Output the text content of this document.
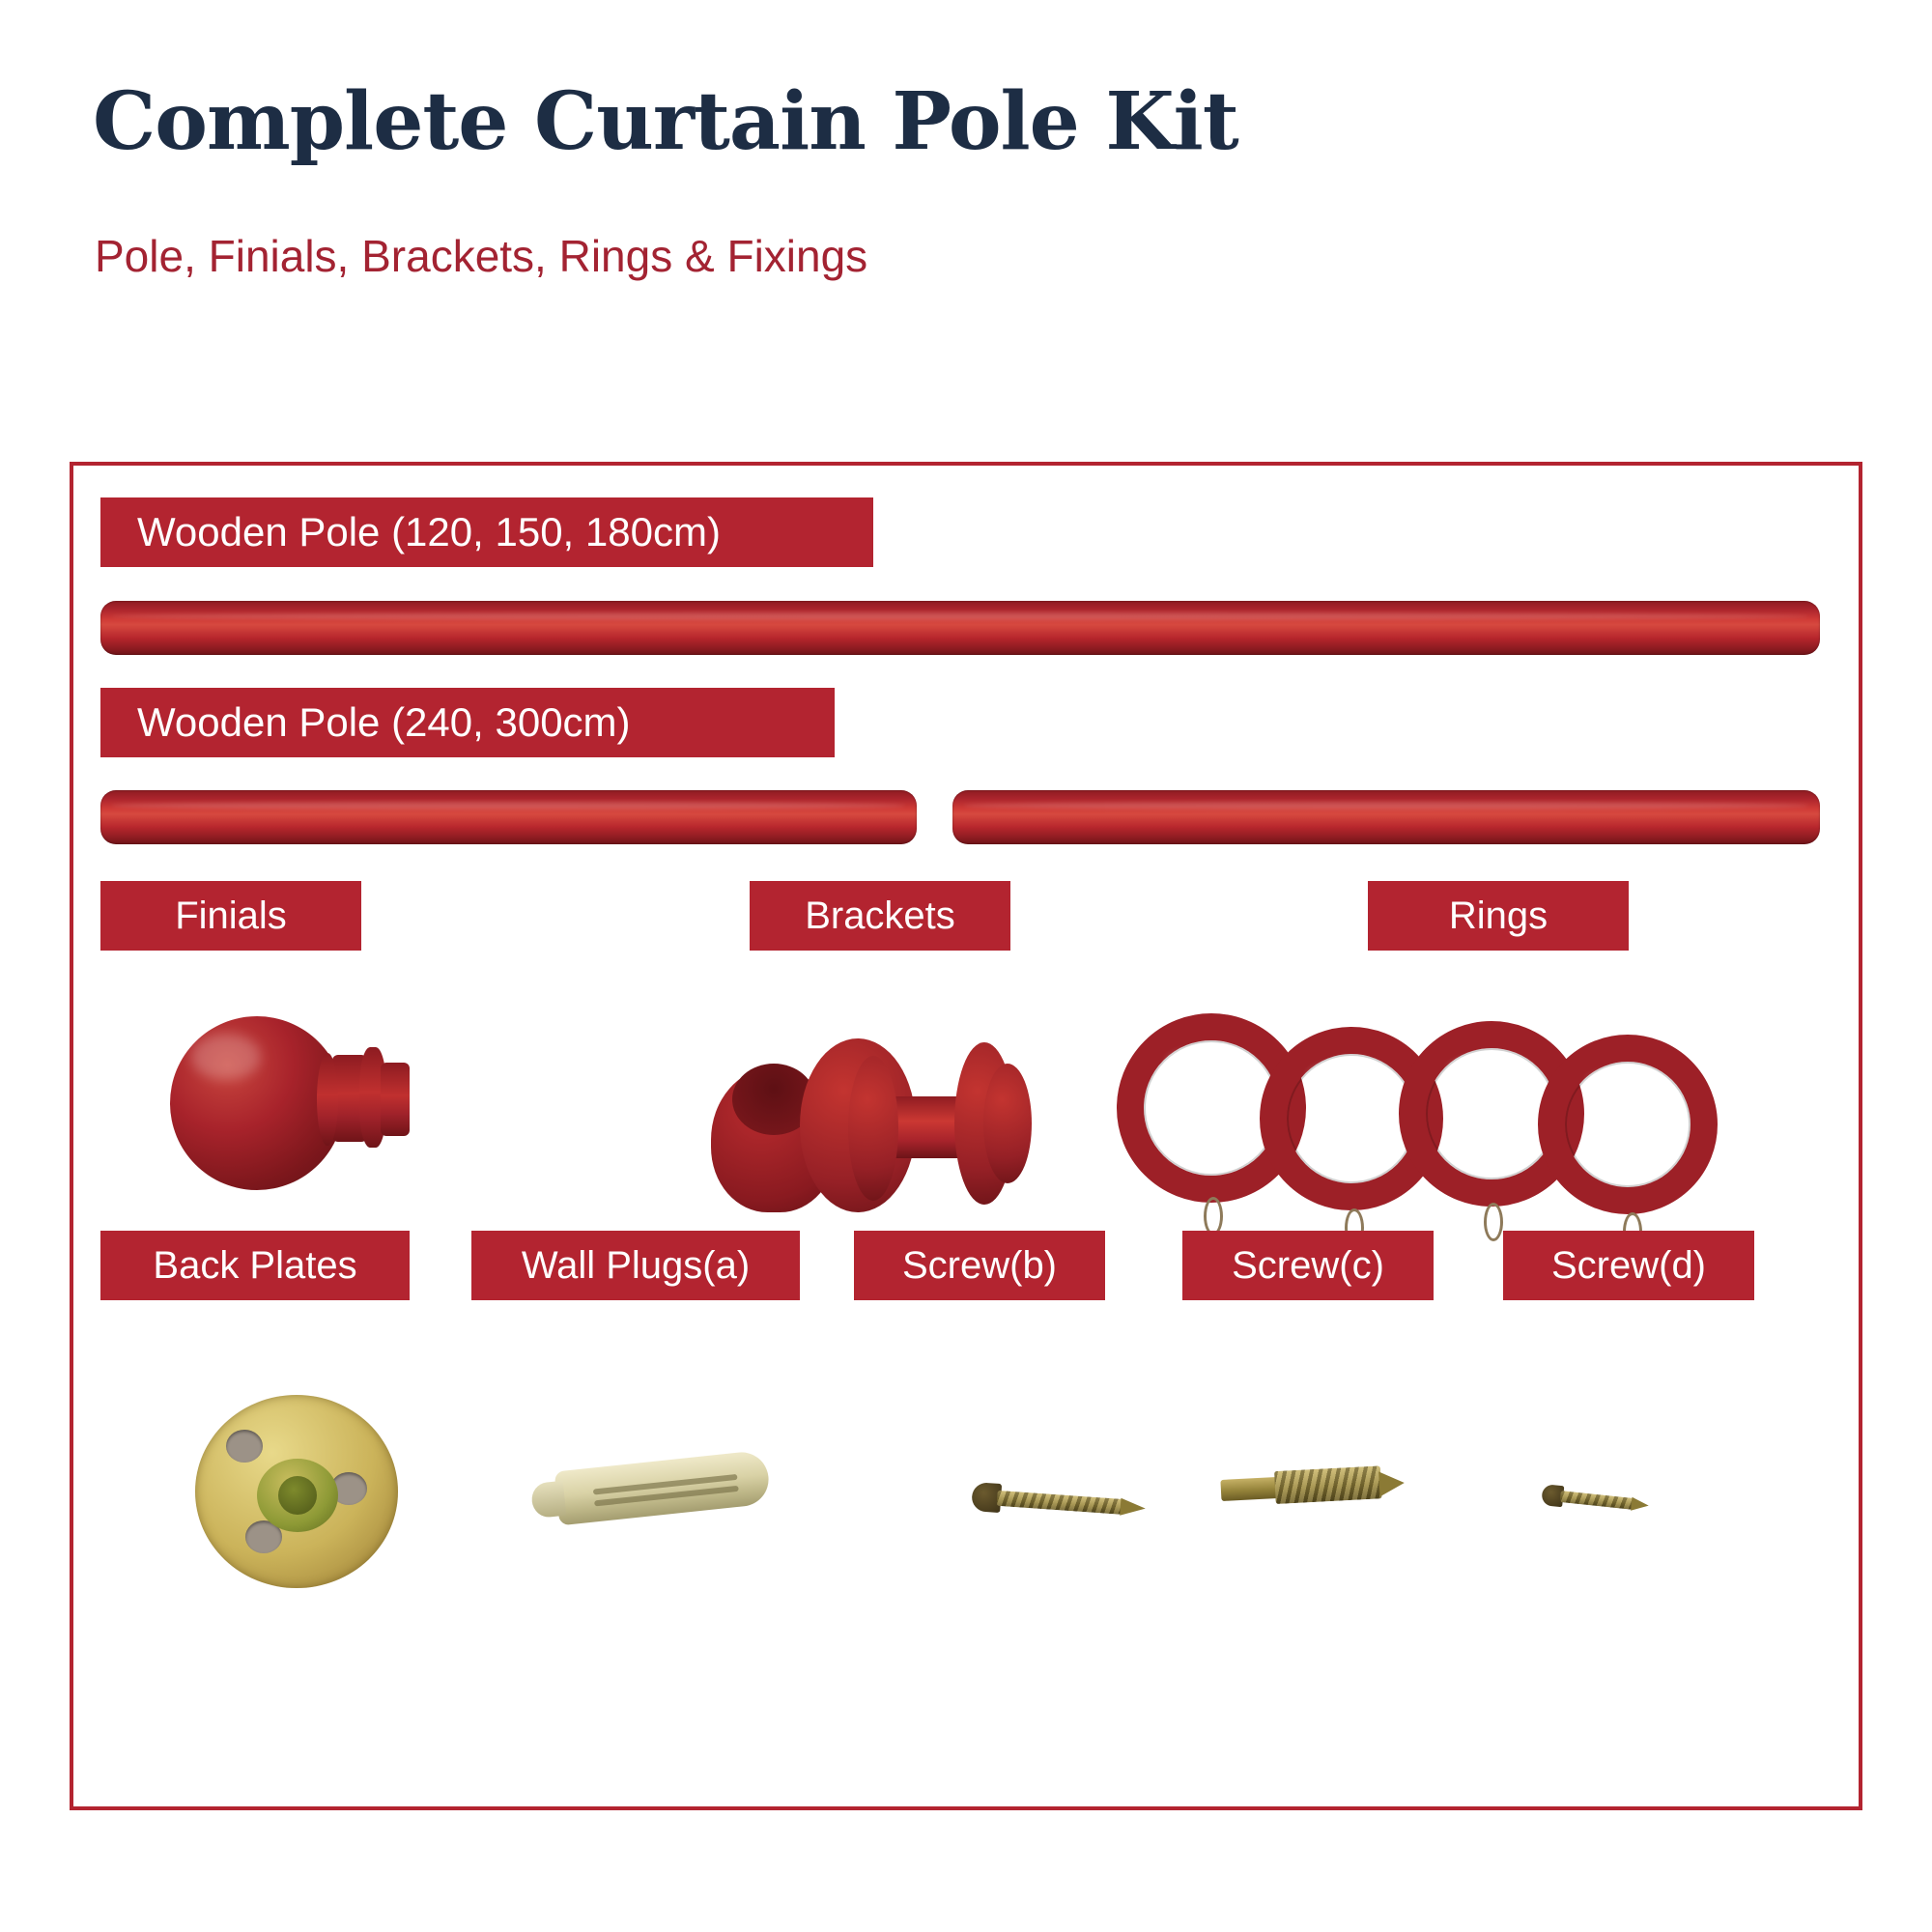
Complete Curtain Pole Kit
Pole, Finials, Brackets, Rings & Fixings
Wooden Pole (120, 150, 180cm)
Wooden Pole (240, 300cm)
Finials	Brackets	Rings
Back Plates	Wall Plugs(a)	Screw(b)	Screw(c)	Screw(d)
